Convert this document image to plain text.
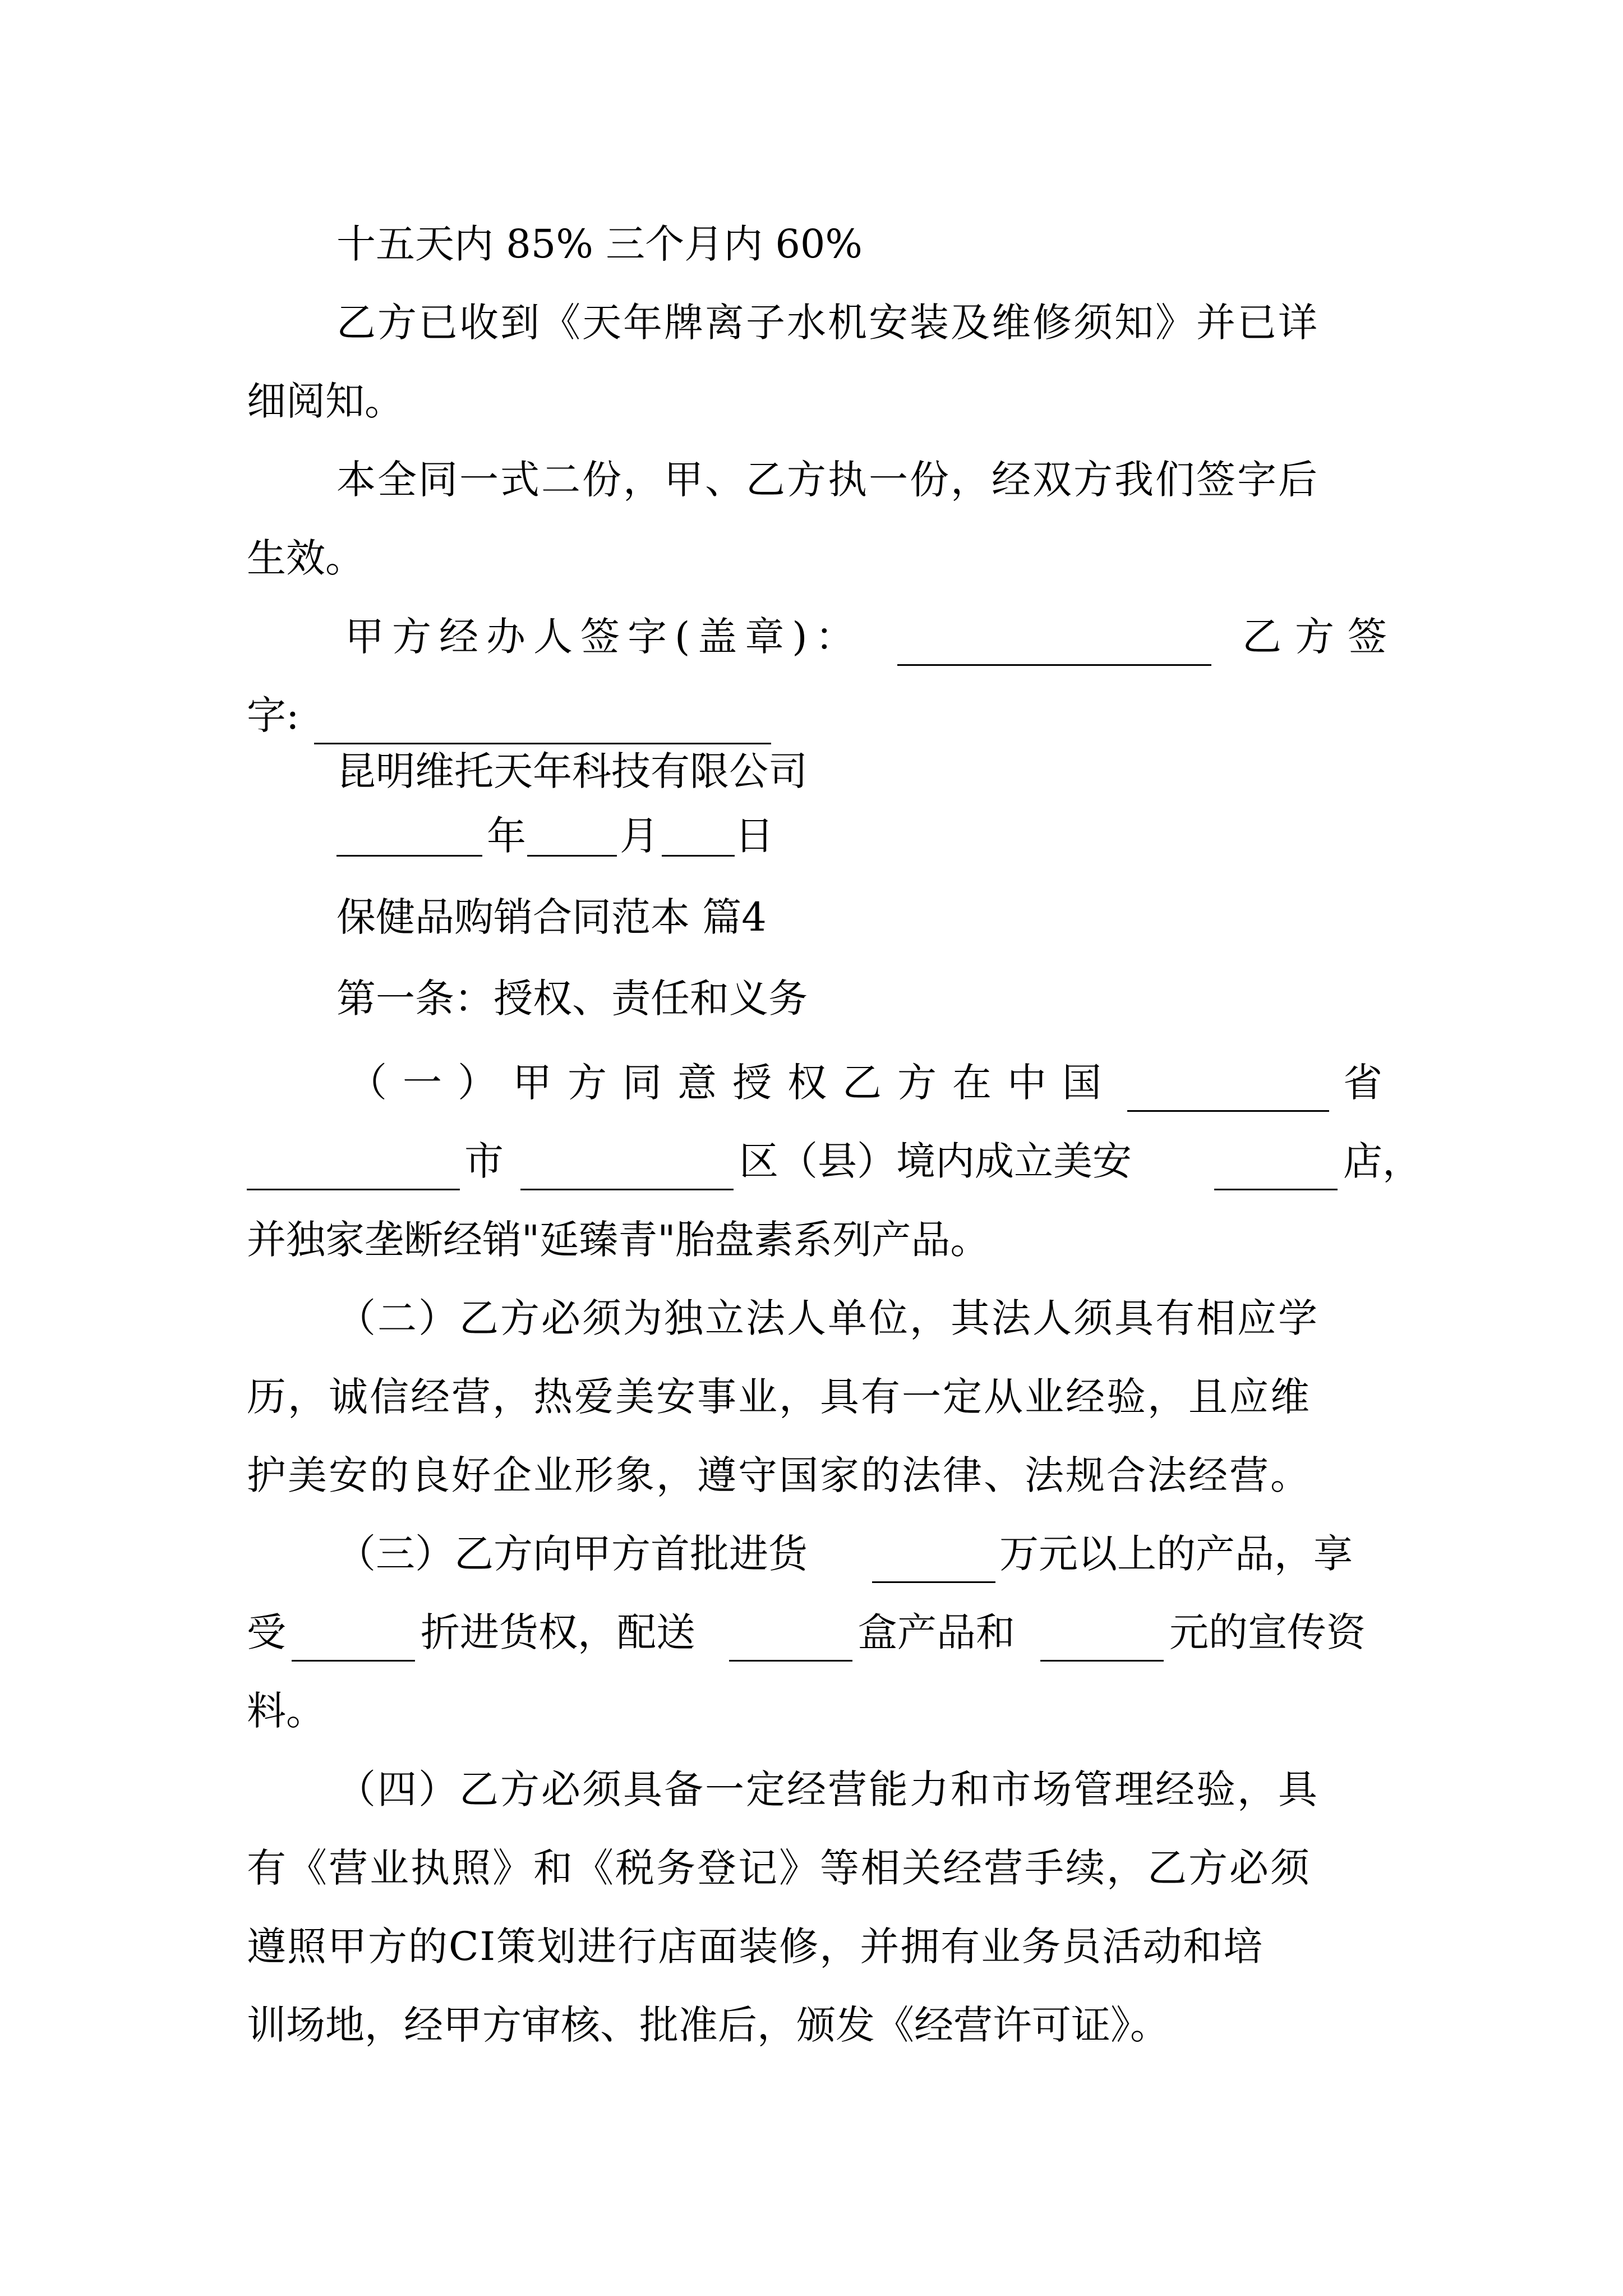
十五天内 85% 三个月内 60%
乙方已收到《天年牌离子水机安装及维修须知》并已详
细阅知。
本全同一式二份，甲、乙方执一份，经双方我们签字后
生效。
甲方经办人签字(盖章)：	乙方签
字:
昆明维托天年科技有限公司
年 月 日
保健品购销合同范本 篇4
第一条：授权、责任和义务
（一）甲方同意授权乙方在中国	省
市	区（县）境内成立美安	店，
并独家垄断经销"延臻青"胎盘素系列产品。
（二）乙方必须为独立法人单位，其法人须具有相应学
历，诚信经营，热爱美安事业，具有一定从业经验，且应维
护美安的良好企业形象，遵守国家的法律、法规合法经营。
（三）乙方向甲方首批进货	万元以上的产品，享
受	折进货权，配送	盒产品和	元的宣传资
料。
（四）乙方必须具备一定经营能力和市场管理经验，具
有《营业执照》和《税务登记》等相关经营手续，乙方必须
遵照甲方的CI策划进行店面装修，并拥有业务员活动和培
训场地，经甲方审核、批准后，颁发《经营许可证》。
